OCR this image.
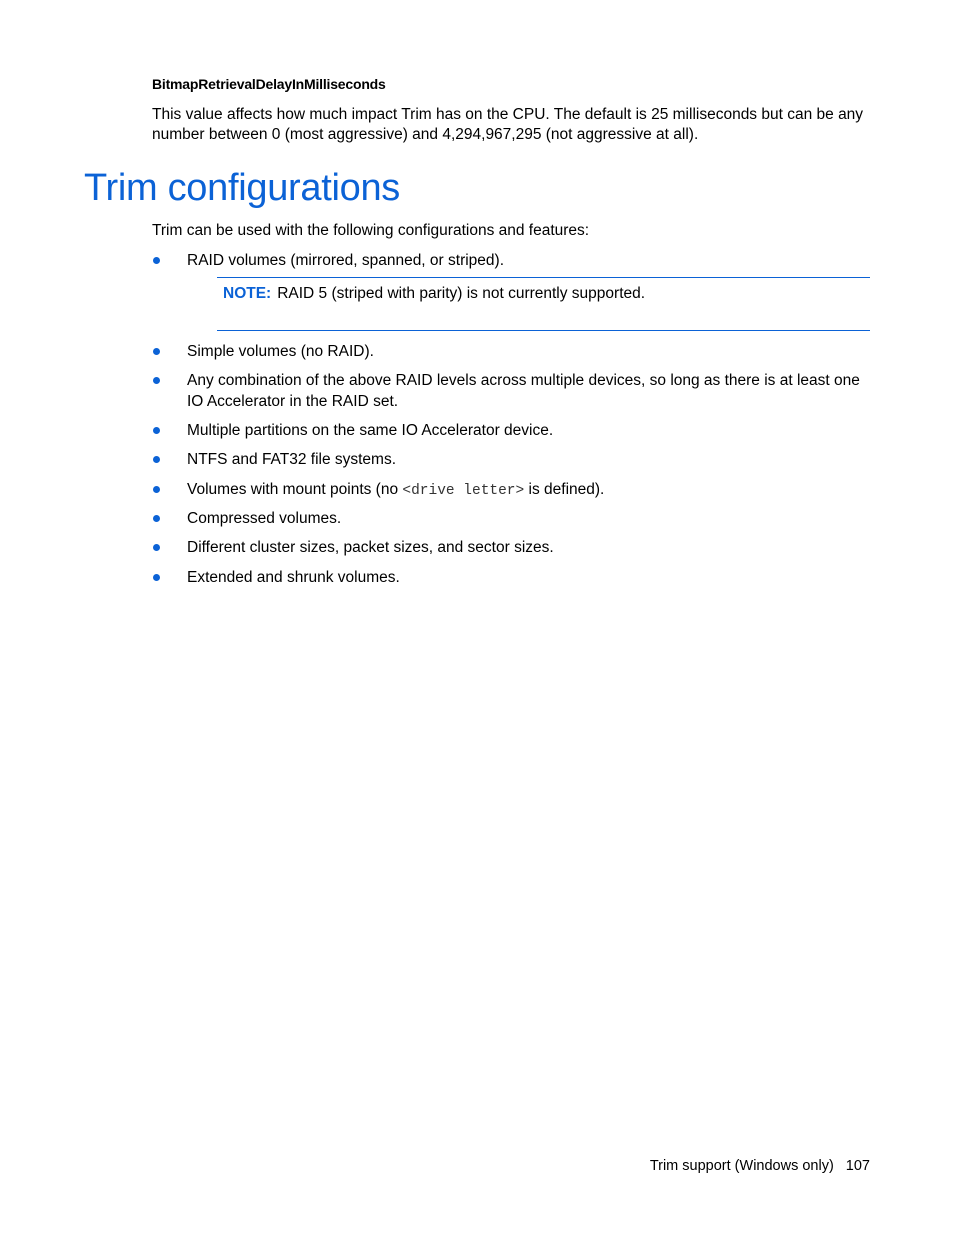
BitmapRetrievalDelayInMilliseconds
This value affects how much impact Trim has on the CPU. The default is 25 milliseconds but can be any number between 0 (most aggressive) and 4,294,967,295 (not aggressive at all).
Trim configurations
Trim can be used with the following configurations and features:
RAID volumes (mirrored, spanned, or striped).
NOTE: RAID 5 (striped with parity) is not currently supported.
Simple volumes (no RAID).
Any combination of the above RAID levels across multiple devices, so long as there is at least one IO Accelerator in the RAID set.
Multiple partitions on the same IO Accelerator device.
NTFS and FAT32 file systems.
Volumes with mount points (no <drive letter> is defined).
Compressed volumes.
Different cluster sizes, packet sizes, and sector sizes.
Extended and shrunk volumes.
Trim support (Windows only) 107
